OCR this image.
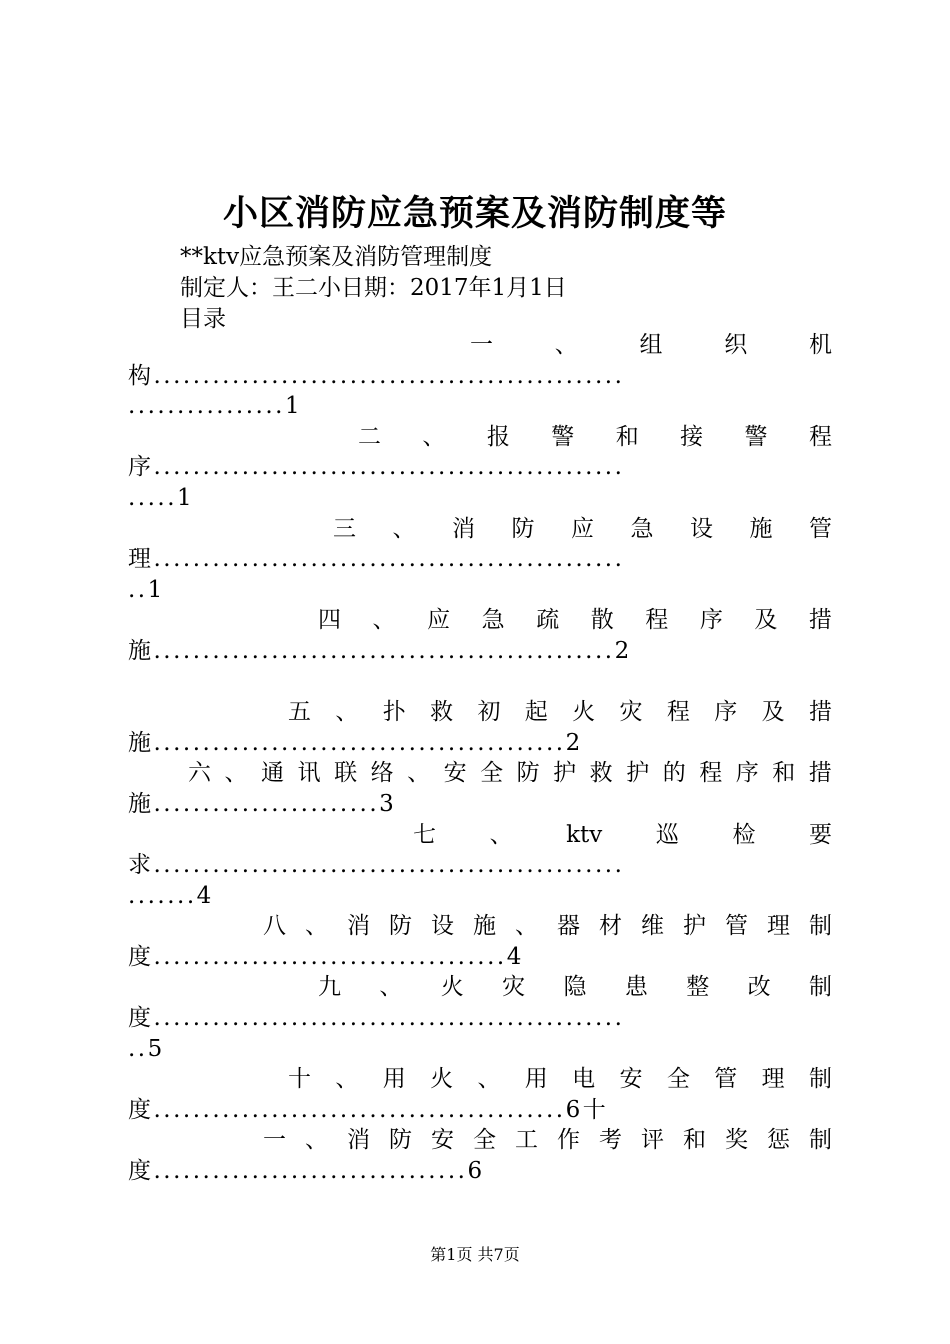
小区消防应急预案及消防制度等
**ktv应急预案及消防管理制度
制定人：王二小日期：2017年1月1日
目录
一	、	组	织	机
构................................................
................1
二 、 报 警 和 接 警 程
序................................................
.....1
三 、 消 防 应 急 设 施 管
理................................................
..1
四 、 应 急 疏 散 程 序 及 措
施...............................................2
五 、 扑 救 初 起 火 灾 程 序 及 措
施..........................................2
六 、 通 讯 联 络 、 安 全 防 护 救 护 的 程 序 和 措
施.......................3
七 、 ktv 巡 检 要
求................................................
.......4
八 、 消 防 设 施 、 器 材 维 护 管 理 制
度....................................4
九 、 火 灾 隐 患 整 改 制
度................................................
..5
十 、 用 火 、 用 电 安 全 管 理 制
度..........................................6十
一 、 消 防 安 全 工 作 考 评 和 奖 惩 制
度................................6
第1页 共7页
